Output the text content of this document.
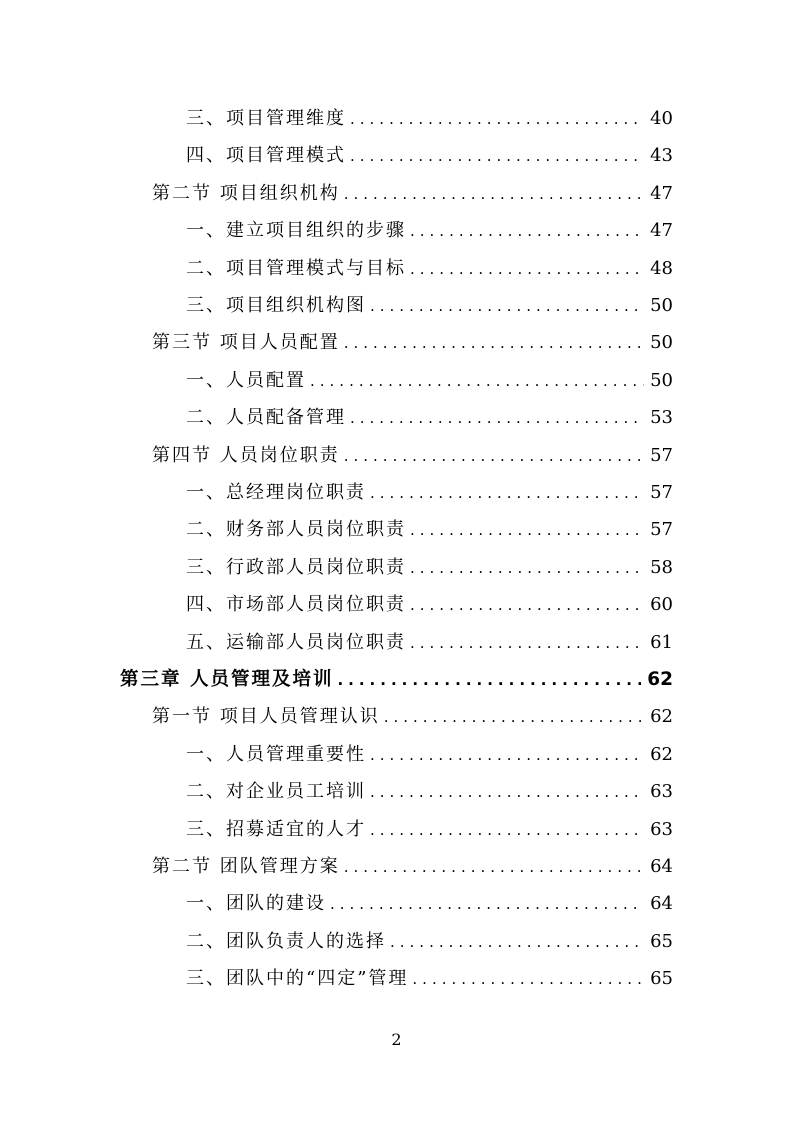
三、项目管理维度 .....	40
四、项目管理模式 .....	43
第二节 项目组织机构 .....	47
一、建立项目组织的步骤 .....	47
二、项目管理模式与目标 .....	48
三、项目组织机构图 .....	50
第三节 项目人员配置 .....	50
一、人员配置 .....	50
二、人员配备管理 .....	53
第四节 人员岗位职责 .....	57
一、总经理岗位职责 .....	57
二、财务部人员岗位职责 .....	57
三、行政部人员岗位职责 .....	58
四、市场部人员岗位职责 .....	60
五、运输部人员岗位职责 .....	61
第三章 人员管理及培训 .....	62
第一节 项目人员管理认识 .....	62
一、人员管理重要性 .....	62
二、对企业员工培训 .....	63
三、招募适宜的人才 .....	63
第二节 团队管理方案 .....	64
一、团队的建设 .....	64
二、团队负责人的选择 .....	65
三、团队中的“四定”管理 .....	65
2
